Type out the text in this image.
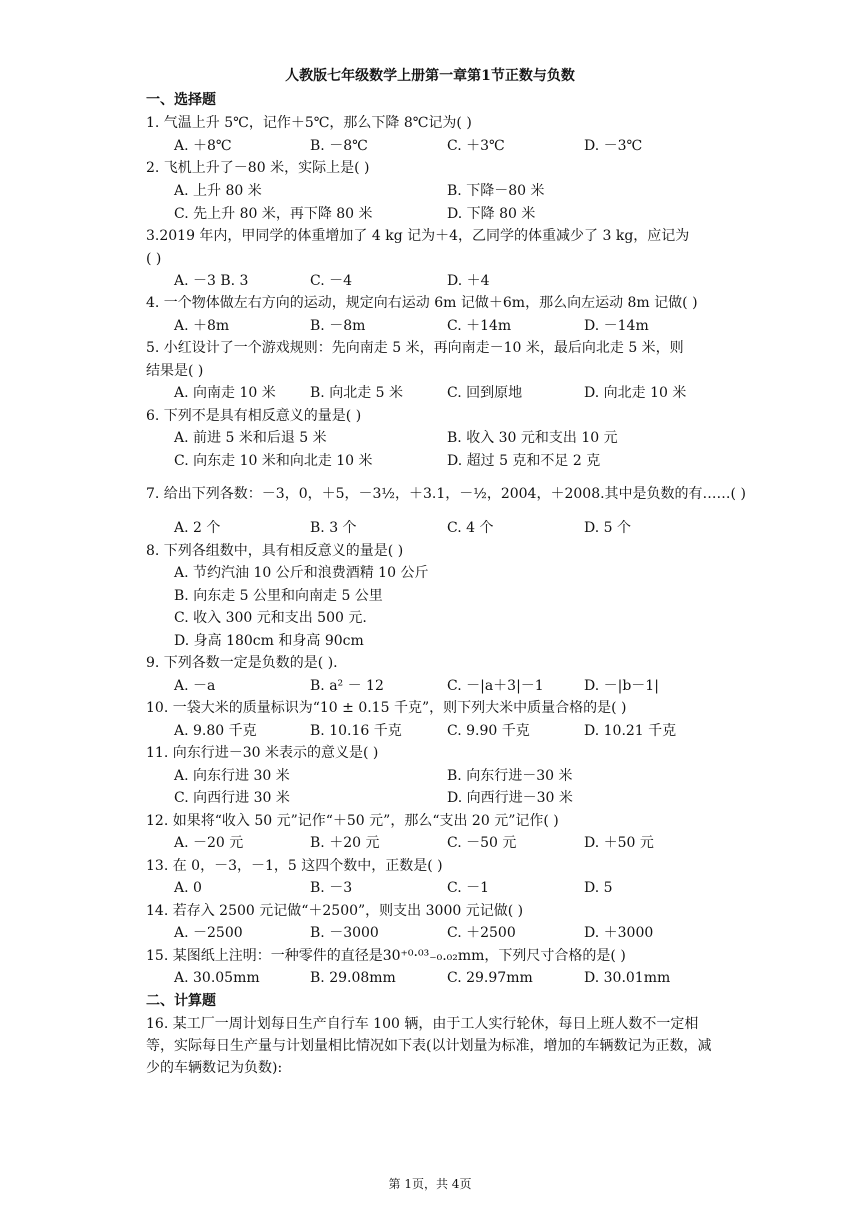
人教版七年级数学上册第一章第1节正数与负数
一、选择题
1. 气温上升 5℃，记作＋5℃，那么下降 8℃记为( )
A. ＋8℃	B. －8℃	C. ＋3℃	D. －3℃
2. 飞机上升了－80 米，实际上是( )
A. 上升 80 米	B. 下降－80 米
C. 先上升 80 米，再下降 80 米	D. 下降 80 米
3.2019 年内，甲同学的体重增加了 4 kg 记为＋4，乙同学的体重减少了 3 kg，应记为
( )
A. －3 B. 3	C. －4	D. ＋4
4. 一个物体做左右方向的运动，规定向右运动 6m 记做＋6m，那么向左运动 8m 记做( )
A. ＋8m	B. －8m	C. ＋14m	D. －14m
5. 小红设计了一个游戏规则：先向南走 5 米，再向南走－10 米，最后向北走 5 米，则
结果是( )
A. 向南走 10 米 B. 向北走 5 米	C. 回到原地	D. 向北走 10 米
6. 下列不是具有相反意义的量是( )
A. 前进 5 米和后退 5 米	B. 收入 30 元和支出 10 元
C. 向东走 10 米和向北走 10 米	D. 超过 5 克和不足 2 克
7. 给出下列各数：－3，0，＋5，－3½，＋3.1，－½，2004，＋2008.其中是负数的有……( )
A. 2 个	B. 3 个	C. 4 个	D. 5 个
8. 下列各组数中，具有相反意义的量是( )
A. 节约汽油 10 公斤和浪费酒精 10 公斤
B. 向东走 5 公里和向南走 5 公里
C. 收入 300 元和支出 500 元.
D. 身高 180cm 和身高 90cm
9. 下列各数一定是负数的是( ).
A. －a	B. a² － 12	C. －|a＋3|－1	D. －|b－1|
10. 一袋大米的质量标识为“10 ± 0.15 千克”，则下列大米中质量合格的是( )
A. 9.80 千克	B. 10.16 千克	C. 9.90 千克	D. 10.21 千克
11. 向东行进－30 米表示的意义是( )
A. 向东行进 30 米	B. 向东行进－30 米
C. 向西行进 30 米	D. 向西行进－30 米
12. 如果将“收入 50 元”记作“＋50 元”，那么“支出 20 元”记作( )
A. －20 元	B. ＋20 元	C. －50 元	D. ＋50 元
13. 在 0，－3，－1，5 这四个数中，正数是( )
A. 0	B. －3	C. －1	D. 5
14. 若存入 2500 元记做“＋2500”，则支出 3000 元记做( )
A. －2500	B. －3000	C. ＋2500	D. ＋3000
15. 某图纸上注明：一种零件的直径是30⁺⁰·⁰³₋₀.₀₂mm，下列尺寸合格的是( )
A. 30.05mm	B. 29.08mm	C. 29.97mm	D. 30.01mm
二、计算题
16. 某工厂一周计划每日生产自行车 100 辆，由于工人实行轮休，每日上班人数不一定相等，实际每日生产量与计划量相比情况如下表(以计划量为标准，增加的车辆数记为正数，减少的车辆数记为负数):
第 1页，共 4页
